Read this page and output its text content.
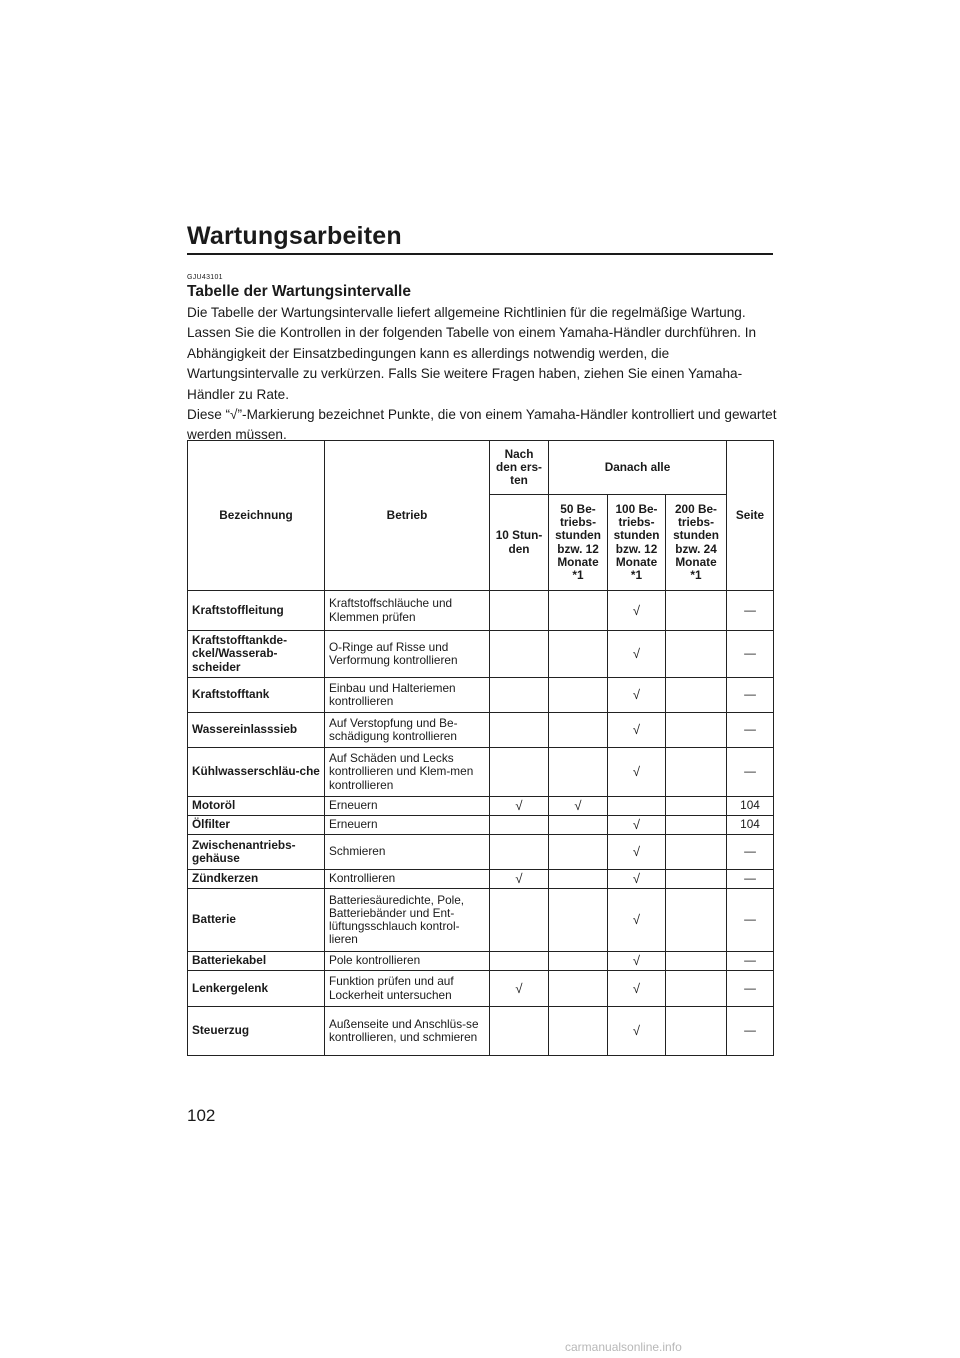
Wartungsarbeiten
102
GJU43101
Tabelle der Wartungsintervalle

Die Tabelle der Wartungsintervalle liefert allgemeine Richtlinien für die regelmäßige Wartung. Lassen Sie die Kontrollen in der folgenden Tabelle von einem Yamaha-Händler durchführen. In Abhängigkeit der Einsatzbedingungen kann es allerdings notwendig werden, die Wartungsintervalle zu verkürzen. Falls Sie weitere Fragen haben, ziehen Sie einen Yamaha-Händler zu Rate.

Diese “√”-Markierung bezeichnet Punkte, die von einem Yamaha-Händler kontrolliert und gewartet werden müssen.

Bezeichnung	Betrieb	Nach den ers-ten	Danach alle			Seite
		10 Stun-den	50 Be-triebs-stunden bzw. 12 Monate *1	100 Be-triebs-stunden bzw. 12 Monate *1	200 Be-triebs-stunden bzw. 24 Monate *1	
Kraftstoffleitung	Kraftstoffschläuche und Klemmen prüfen			√		—
Kraftstofftankde-ckel/Wasserab-scheider	O-Ringe auf Risse und Verformung kontrollieren			√		—
Kraftstofftank	Einbau und Halteriemen kontrollieren			√		—
Wassereinlasssieb	Auf Verstopfung und Be-schädigung kontrollieren			√		—
Kühlwasserschläu-che	Auf Schäden und Lecks kontrollieren und Klem-men kontrollieren			√		—
Motoröl	Erneuern	√	√			104
Ölfilter	Erneuern			√		104
Zwischenantriebs-gehäuse	Schmieren			√		—
Zündkerzen	Kontrollieren	√		√		—
Batterie	Batteriesäuredichte, Pole, Batteriebänder und Ent-lüftungsschlauch kontrol-lieren			√		—
Batteriekabel	Pole kontrollieren			√		—
Lenkergelenk	Funktion prüfen und auf Lockerheit untersuchen	√		√		—
Steuerzug	Außenseite und Anschlüs-se kontrollieren, und schmieren			√		—
carmanualsonline.info
